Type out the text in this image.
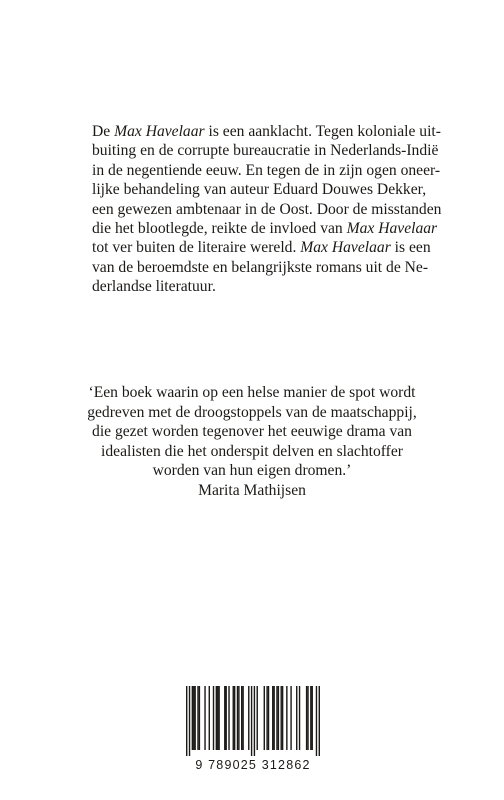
De Max Havelaar is een aanklacht. Tegen koloniale uit-
buiting en de corrupte bureaucratie in Nederlands-Indië
in de negentiende eeuw. En tegen de in zijn ogen oneer-
lijke behandeling van auteur Eduard Douwes Dekker,
een gewezen ambtenaar in de Oost. Door de misstanden
die het blootlegde, reikte de invloed van Max Havelaar
tot ver buiten de literaire wereld. Max Havelaar is een
van de beroemdste en belangrijkste romans uit de Ne-
derlandse literatuur.
‘Een boek waarin op een helse manier de spot wordt
gedreven met de droogstoppels van de maatschappij,
die gezet worden tegenover het eeuwige drama van
idealisten die het onderspit delven en slachtoffer
worden van hun eigen dromen.’
Marita Mathijsen
9 789025 312862
